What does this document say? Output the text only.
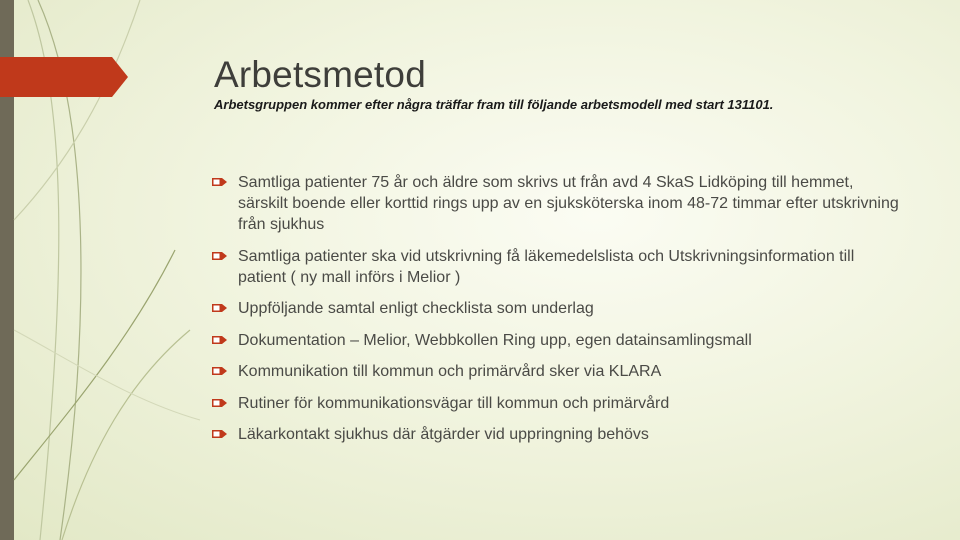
Arbetsmetod

Arbetsgruppen kommer efter några träffar fram till följande arbetsmodell med start 131101.

Samtliga patienter 75 år och äldre som skrivs ut från avd 4 SkaS Lidköping till hemmet, särskilt boende eller korttid rings upp av en sjuksköterska inom 48-72 timmar efter utskrivning från sjukhus
Samtliga patienter ska vid utskrivning få läkemedelslista och Utskrivningsinformation till patient ( ny mall införs i Melior )
Uppföljande samtal enligt checklista som underlag
Dokumentation – Melior, Webbkollen Ring upp, egen datainsamlingsmall
Kommunikation till kommun och primärvård sker via KLARA
Rutiner för kommunikationsvägar till kommun och primärvård
Läkarkontakt sjukhus där åtgärder vid uppringning behövs
